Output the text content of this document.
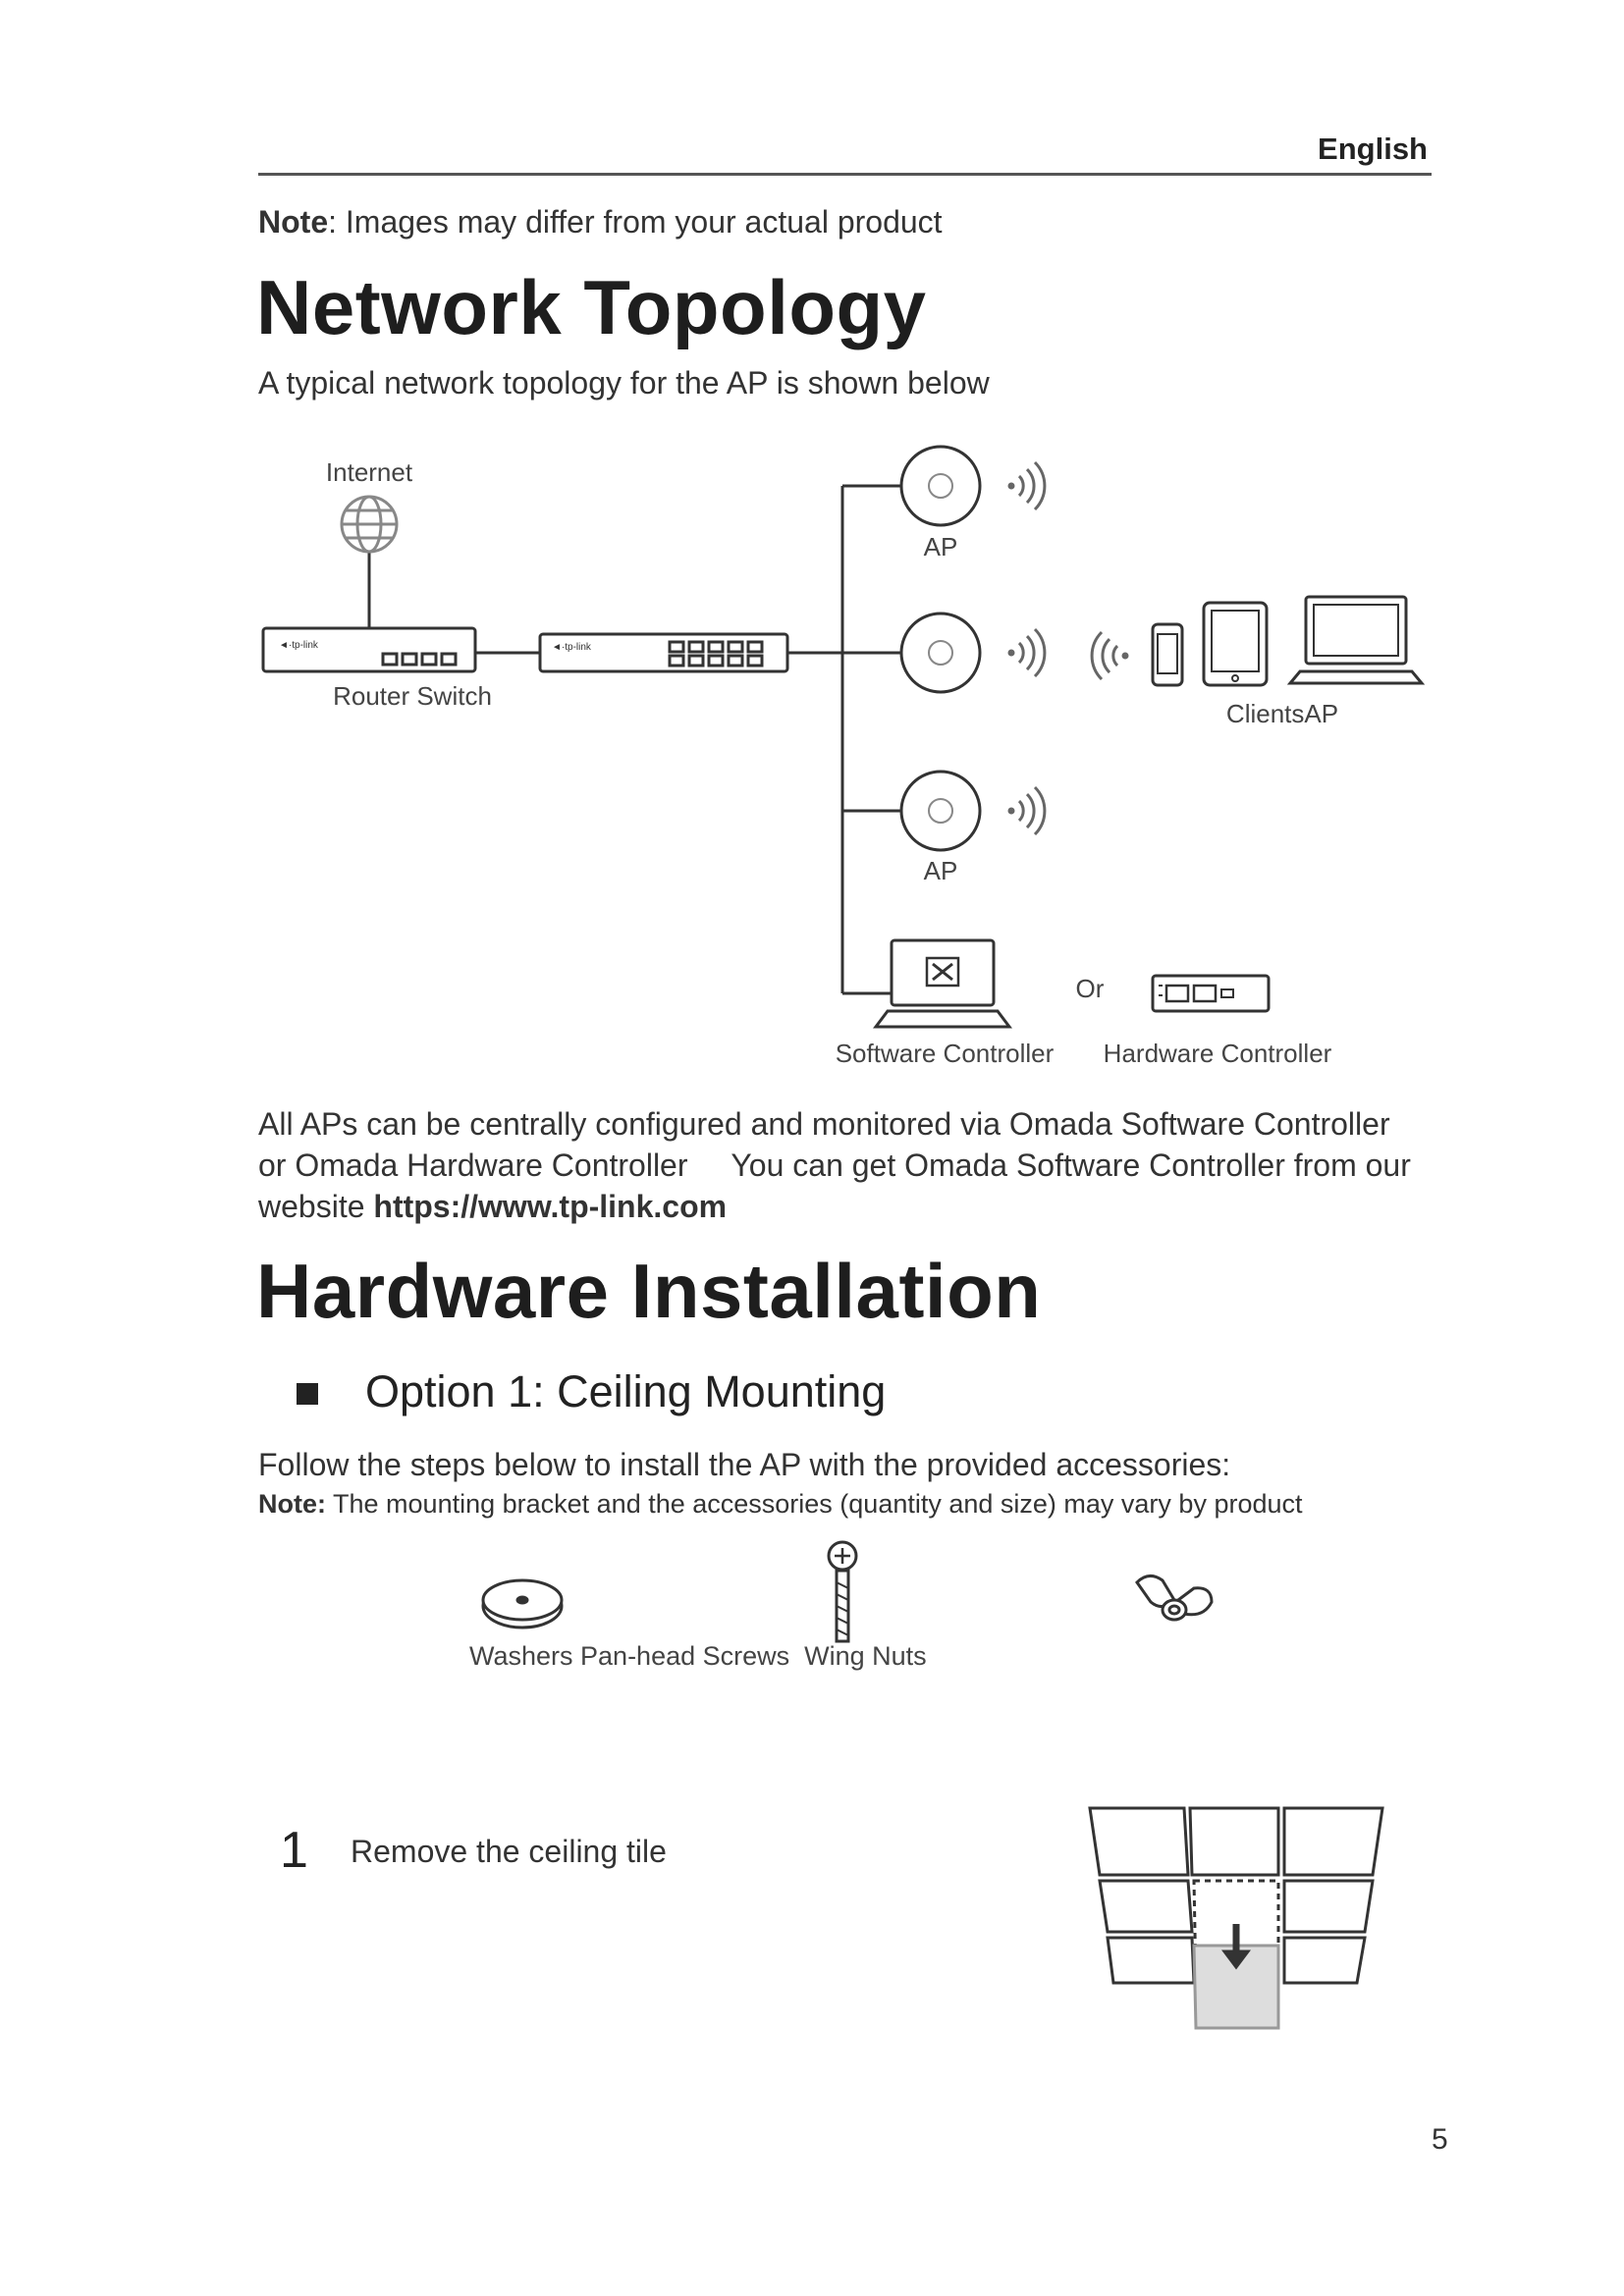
English
Note: Images may differ from your actual product
Network Topology
A typical network topology for the AP is shown below
◄·tp-link	◄·tp-link
Internet
Router Switch
AP
AP
ClientsAP
Or
Software Controller Hardware Controller
All APs can be centrally configured and monitored via Omada Software Controller
or Omada Hardware Controller     You can get Omada Software Controller from our
website https://www.tp-link.com
Hardware Installation
Option 1: Ceiling Mounting
Follow the steps below to install the AP with the provided accessories:
Note: The mounting bracket and the accessories (quantity and size) may vary by product
Washers Pan-head Screws  Wing Nuts
1 Remove the ceiling tile
5
